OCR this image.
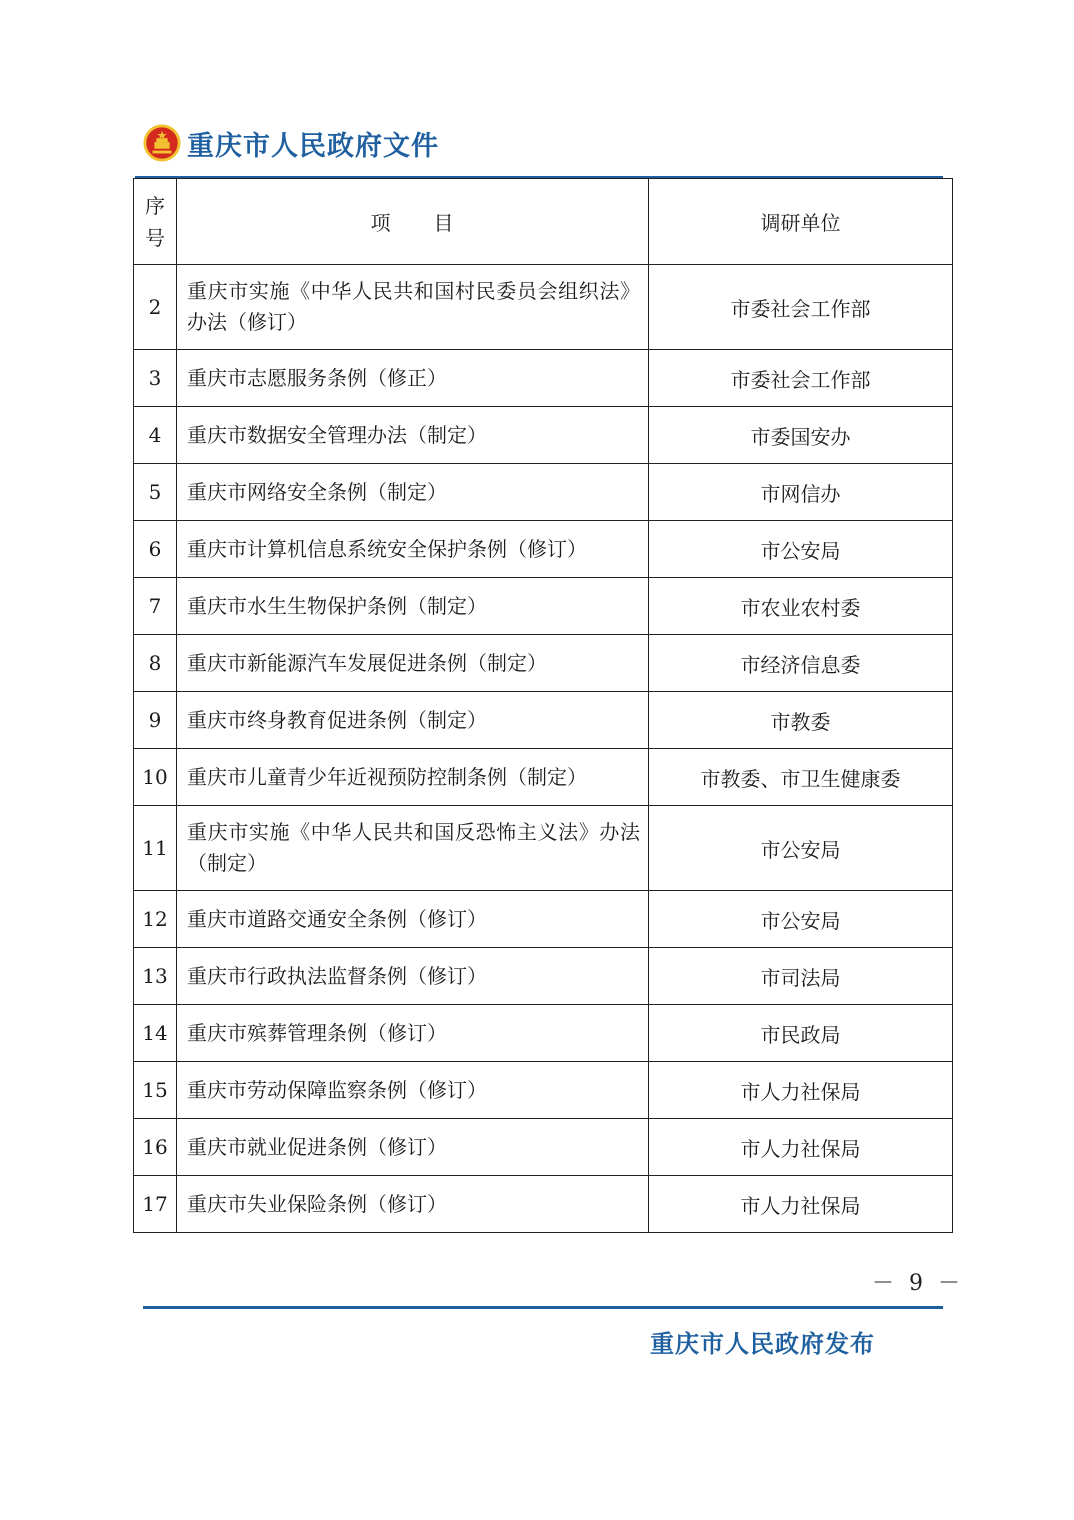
重庆市人民政府文件
序号	项　　目	调研单位
2	重庆市实施《中华人民共和国村民委员会组织法》办法（修订）	市委社会工作部
3	重庆市志愿服务条例（修正）	市委社会工作部
4	重庆市数据安全管理办法（制定）	市委国安办
5	重庆市网络安全条例（制定）	市网信办
6	重庆市计算机信息系统安全保护条例（修订）	市公安局
7	重庆市水生生物保护条例（制定）	市农业农村委
8	重庆市新能源汽车发展促进条例（制定）	市经济信息委
9	重庆市终身教育促进条例（制定）	市教委
10	重庆市儿童青少年近视预防控制条例（制定）	市教委、市卫生健康委
11	重庆市实施《中华人民共和国反恐怖主义法》办法（制定）	市公安局
12	重庆市道路交通安全条例（修订）	市公安局
13	重庆市行政执法监督条例（修订）	市司法局
14	重庆市殡葬管理条例（修订）	市民政局
15	重庆市劳动保障监察条例（修订）	市人力社保局
16	重庆市就业促进条例（修订）	市人力社保局
17	重庆市失业保险条例（修订）	市人力社保局
－ 9 －
重庆市人民政府发布
